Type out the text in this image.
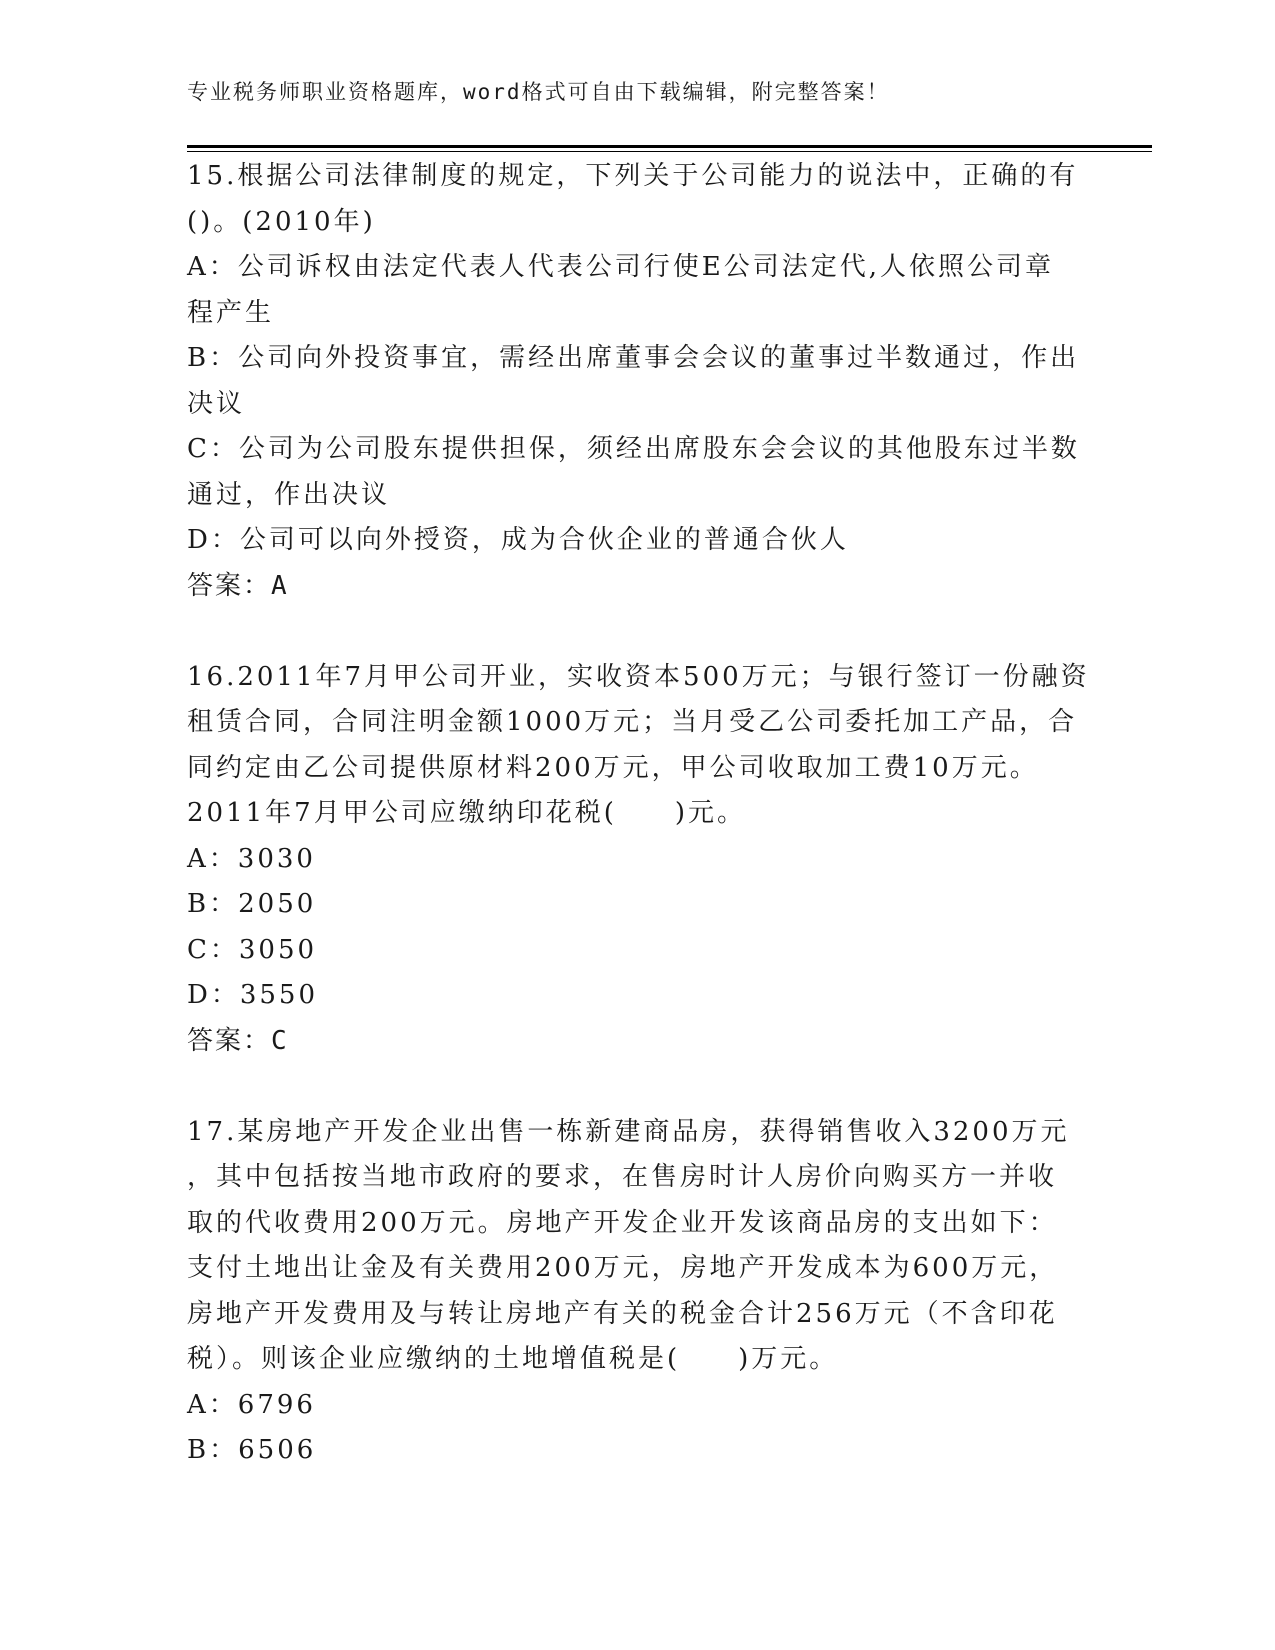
专业税务师职业资格题库，word格式可自由下载编辑，附完整答案！
15.根据公司法律制度的规定，下列关于公司能力的说法中，正确的有
()。(2010年)
A：公司诉权由法定代表人代表公司行使E公司法定代,人依照公司章
程产生
B：公司向外投资事宜，需经出席董事会会议的董事过半数通过，作出
决议
C：公司为公司股东提供担保，须经出席股东会会议的其他股东过半数
通过，作出决议
D：公司可以向外授资，成为合伙企业的普通合伙人
答案：A
16.2011年7月甲公司开业，实收资本500万元；与银行签订一份融资
租赁合同，合同注明金额1000万元；当月受乙公司委托加工产品，合
同约定由乙公司提供原材料200万元，甲公司收取加工费10万元。
2011年7月甲公司应缴纳印花税(　　)元。
A：3030
B：2050
C：3050
D：3550
答案：C
17.某房地产开发企业出售一栋新建商品房，获得销售收入3200万元
，其中包括按当地市政府的要求，在售房时计人房价向购买方一并收
取的代收费用200万元。房地产开发企业开发该商品房的支出如下：
支付土地出让金及有关费用200万元，房地产开发成本为600万元，
房地产开发费用及与转让房地产有关的税金合计256万元（不含印花
税）。则该企业应缴纳的土地增值税是(　　)万元。
A：6796
B：6506
